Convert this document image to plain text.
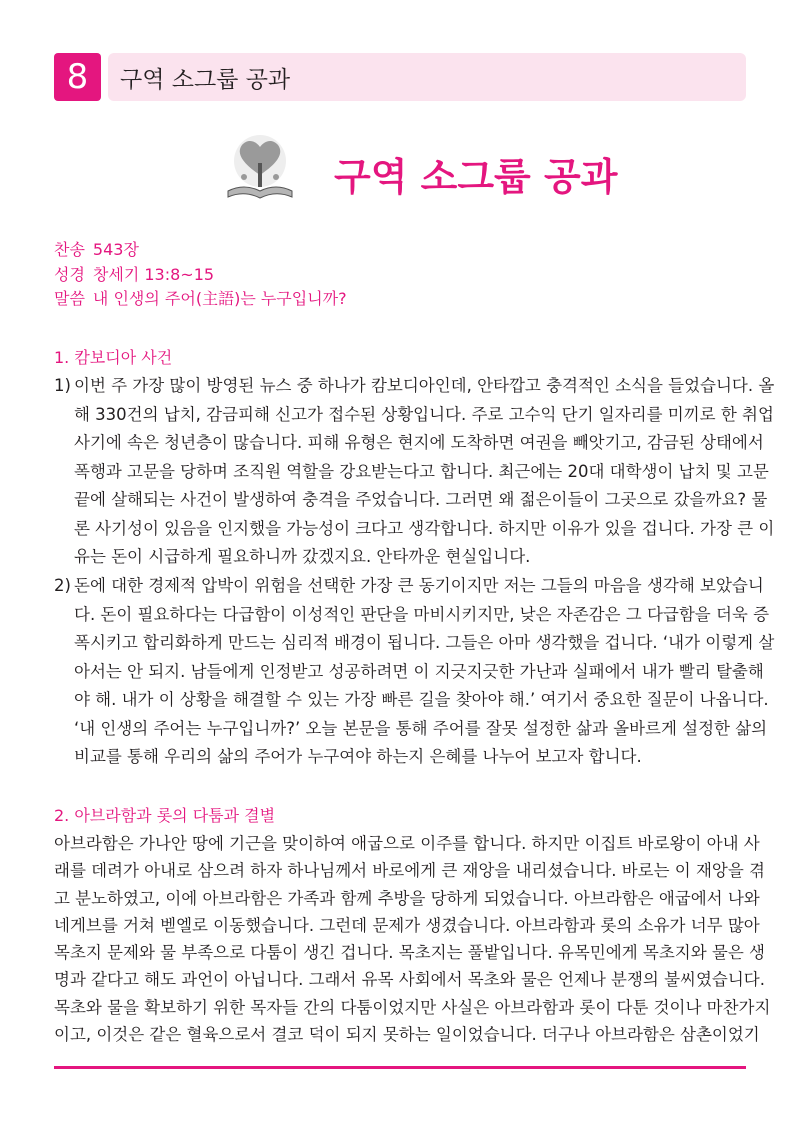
8 구역 소그룹 공과
구역 소그룹 공과
찬송 543장
성경 창세기 13:8~15
말씀 내 인생의 주어(主語)는 누구입니까?
1. 캄보디아 사건
1) 이번 주 가장 많이 방영된 뉴스 중 하나가 캄보디아인데, 안타깝고 충격적인 소식을 들었습니다. 올
해 330건의 납치, 감금피해 신고가 접수된 상황입니다. 주로 고수익 단기 일자리를 미끼로 한 취업
사기에 속은 청년층이 많습니다. 피해 유형은 현지에 도착하면 여권을 빼앗기고, 감금된 상태에서
폭행과 고문을 당하며 조직원 역할을 강요받는다고 합니다. 최근에는 20대 대학생이 납치 및 고문
끝에 살해되는 사건이 발생하여 충격을 주었습니다. 그러면 왜 젊은이들이 그곳으로 갔을까요? 물
론 사기성이 있음을 인지했을 가능성이 크다고 생각합니다. 하지만 이유가 있을 겁니다. 가장 큰 이
유는 돈이 시급하게 필요하니까 갔겠지요. 안타까운 현실입니다.
2) 돈에 대한 경제적 압박이 위험을 선택한 가장 큰 동기이지만 저는 그들의 마음을 생각해 보았습니
다. 돈이 필요하다는 다급함이 이성적인 판단을 마비시키지만, 낮은 자존감은 그 다급함을 더욱 증
폭시키고 합리화하게 만드는 심리적 배경이 됩니다. 그들은 아마 생각했을 겁니다. ‘내가 이렇게 살
아서는 안 되지. 남들에게 인정받고 성공하려면 이 지긋지긋한 가난과 실패에서 내가 빨리 탈출해
야 해. 내가 이 상황을 해결할 수 있는 가장 빠른 길을 찾아야 해.’ 여기서 중요한 질문이 나옵니다.
‘내 인생의 주어는 누구입니까?’ 오늘 본문을 통해 주어를 잘못 설정한 삶과 올바르게 설정한 삶의
비교를 통해 우리의 삶의 주어가 누구여야 하는지 은혜를 나누어 보고자 합니다.
2. 아브라함과 롯의 다툼과 결별
아브라함은 가나안 땅에 기근을 맞이하여 애굽으로 이주를 합니다. 하지만 이집트 바로왕이 아내 사
래를 데려가 아내로 삼으려 하자 하나님께서 바로에게 큰 재앙을 내리셨습니다. 바로는 이 재앙을 겪
고 분노하였고, 이에 아브라함은 가족과 함께 추방을 당하게 되었습니다. 아브라함은 애굽에서 나와
네게브를 거쳐 벧엘로 이동했습니다. 그런데 문제가 생겼습니다. 아브라함과 롯의 소유가 너무 많아
목초지 문제와 물 부족으로 다툼이 생긴 겁니다. 목초지는 풀밭입니다. 유목민에게 목초지와 물은 생
명과 같다고 해도 과언이 아닙니다. 그래서 유목 사회에서 목초와 물은 언제나 분쟁의 불씨였습니다.
목초와 물을 확보하기 위한 목자들 간의 다툼이었지만 사실은 아브라함과 롯이 다툰 것이나 마찬가지
이고, 이것은 같은 혈육으로서 결코 덕이 되지 못하는 일이었습니다. 더구나 아브라함은 삼촌이었기
